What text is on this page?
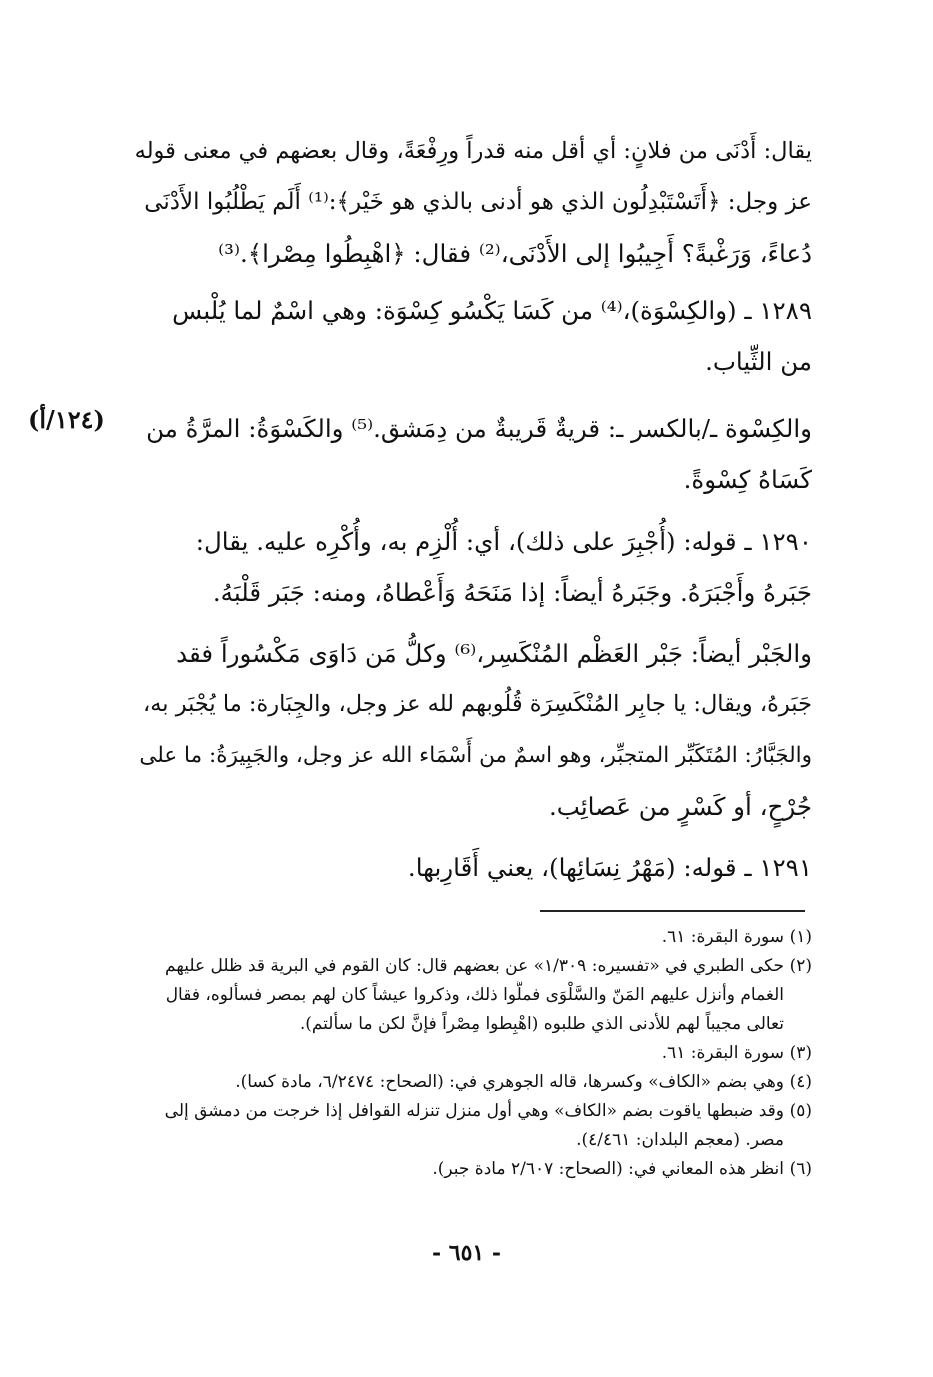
يقال: أَدْنَى من فلانٍ: أي أقل منه قدراً ورِفْعَةً، وقال بعضهم في معنى قوله
عز وجل: ﴿أَتَسْتَبْدِلُون الذي هو أدنى بالذي هو خَيْر﴾:⁽¹⁾ أَلَم يَطْلُبُوا الأَدْنَى
دُعاءً، وَرَغْبةً؟ أَجِيبُوا إلى الأَدْنَى،⁽²⁾ فقال: ﴿اهْبِطُوا مِصْرا﴾.⁽³⁾
١٢٨٩ ـ (والكِسْوَة)،⁽⁴⁾ من كَسَا يَكْسُو كِسْوَة: وهي اسْمٌ لما يُلْبس
من الثِّياب.
والكِسْوة ـ/بالكسر ـ: قريةٌ قَريبةٌ من دِمَشق.⁽⁵⁾ والكَسْوَةُ: المرَّةُ من
كَسَاهُ كِسْوةً.
(١٢٤/أ)
١٢٩٠ ـ قوله: (أُجْبِرَ على ذلك)، أي: أُلْزِم به، وأُكْرِه عليه. يقال:
جَبَرهُ وأَجْبَرَهُ. وجَبَرهُ أيضاً: إذا مَنَحَهُ وَأَعْطاهُ، ومنه: جَبَر قَلْبَهُ.
والجَبْر أيضاً: جَبْر العَظْم المُنْكَسِر،⁽⁶⁾ وكلُّ مَن دَاوَى مَكْسُوراً فقد
جَبَرهُ، ويقال: يا جابِر المُنْكَسِرَة قُلُوبهم لله عز وجل، والجِبَارة: ما يُجْبَر به،
والجَبَّارُ: المُتَكَبِّر المتجبِّر، وهو اسمٌ من أَسْمَاء الله عز وجل، والجَبِيرَةُ: ما على
جُرْحٍ، أو كَسْرٍ من عَصائِب.
١٢٩١ ـ قوله: (مَهْرُ نِسَائِها)، يعني أَقَارِبها.
(١)سورة البقرة: ٦١.
(٢)حكى الطبري في «تفسيره: ١/٣٠٩» عن بعضهم قال: كان القوم في البرية قد ظلل عليهم
الغمام وأنزل عليهم المَنّ والسَّلْوَى فملُّوا ذلك، وذكروا عيشاً كان لهم بمصر فسألوه، فقال
تعالى مجيباً لهم للأدنى الذي طلبوه (اهْبِطوا مِصْراً فإنَّ لكن ما سألتم).
(٣)سورة البقرة: ٦١.
(٤)وهي بضم «الكاف» وكسرها، قاله الجوهري في: (الصحاح: ٦/٢٤٧٤، مادة كسا).
(٥)وقد ضبطها ياقوت بضم «الكاف» وهي أول منزل تنزله القوافل إذا خرجت من دمشق إلى
مصر. (معجم البلدان: ٤/٤٦١).
(٦)انظر هذه المعاني في: (الصحاح: ٢/٦٠٧ مادة جبر).
- ٦٥١ -
